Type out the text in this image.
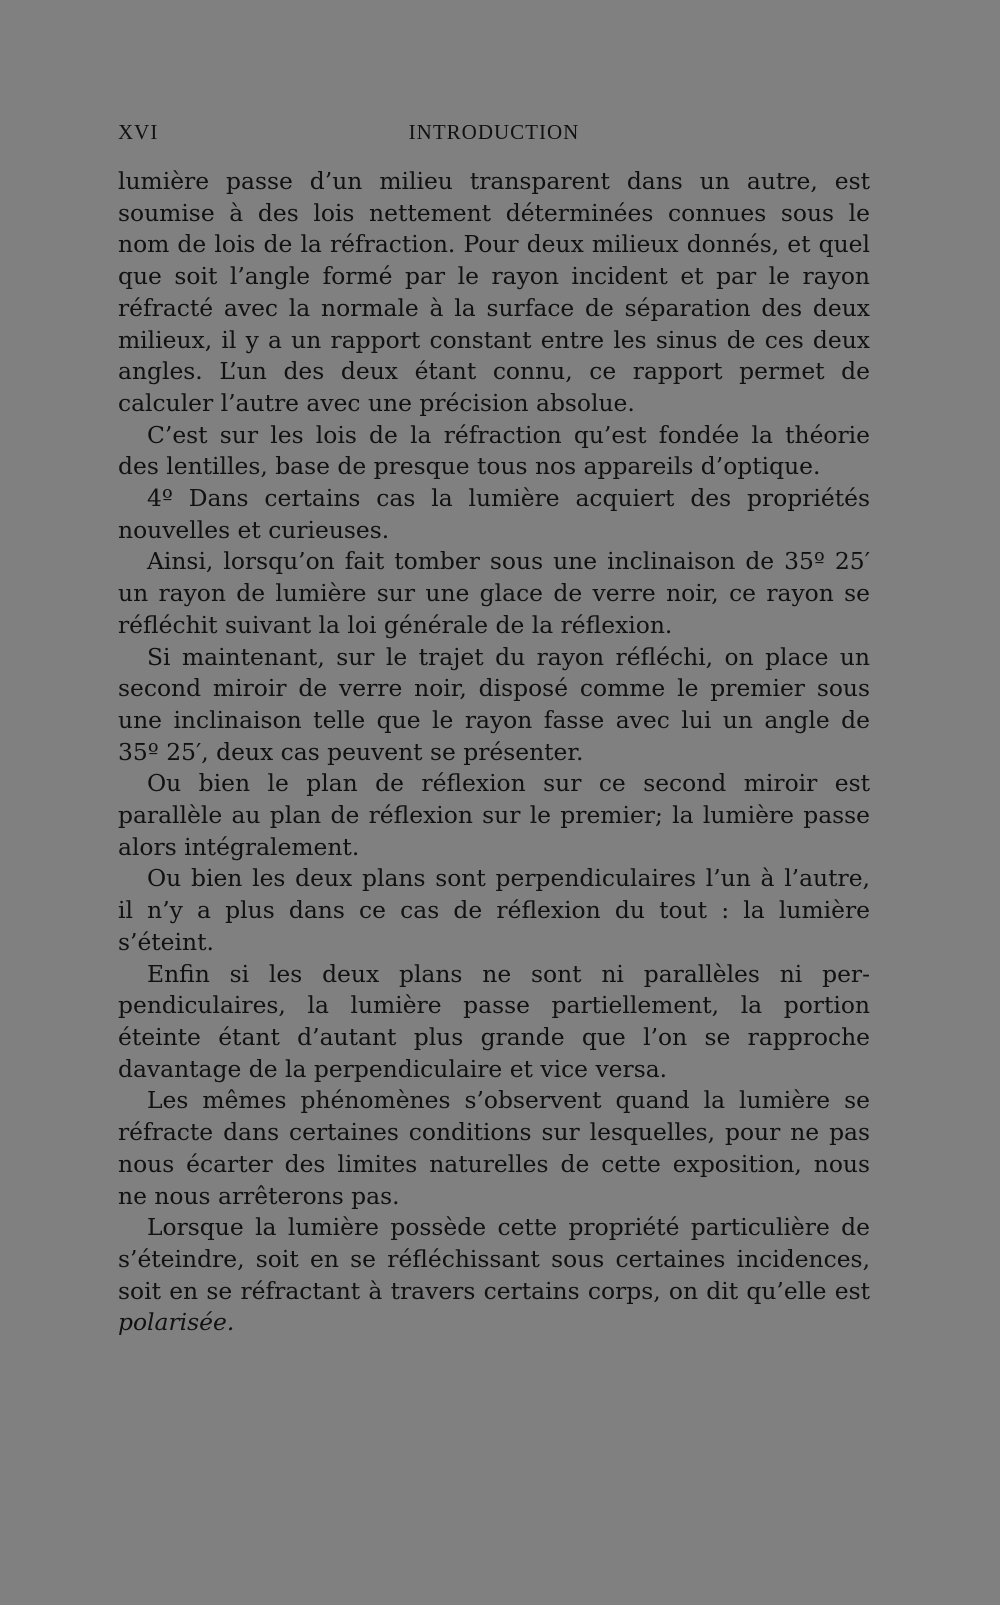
XVI	INTRODUCTION

lumière passe d’un milieu transparent dans un autre, est soumise à des lois nettement déterminées connues sous le nom de lois de la réfraction. Pour deux milieux donnés, et quel que soit l’angle formé par le rayon incident et par le rayon réfracté avec la normale à la surface de séparation des deux milieux, il y a un rapport constant entre les sinus de ces deux angles. L’un des deux étant connu, ce rapport permet de calculer l’autre avec une précision absolue.

C’est sur les lois de la réfraction qu’est fondée la théorie des lentilles, base de presque tous nos appareils d’optique.

4º Dans certains cas la lumière acquiert des propriétés nouvelles et curieuses.

Ainsi, lorsqu’on fait tomber sous une inclinaison de 35º 25′ un rayon de lumière sur une glace de verre noir, ce rayon se réfléchit suivant la loi générale de la réflexion.

Si maintenant, sur le trajet du rayon réfléchi, on place un second miroir de verre noir, disposé comme le premier sous une inclinaison telle que le rayon fasse avec lui un angle de 35º 25′, deux cas peuvent se présenter.

Ou bien le plan de réflexion sur ce second miroir est parallèle au plan de réflexion sur le premier; la lumière passe alors intégralement.

Ou bien les deux plans sont perpendiculaires l’un à l’autre, il n’y a plus dans ce cas de réflexion du tout : la lumière s’éteint.

Enfin si les deux plans ne sont ni parallèles ni perpendiculaires, la lumière passe partiellement, la portion éteinte étant d’autant plus grande que l’on se rapproche davantage de la perpendiculaire et vice versa.

Les mêmes phénomènes s’observent quand la lumière se réfracte dans certaines conditions sur lesquelles, pour ne pas nous écarter des limites naturelles de cette exposition, nous ne nous arrêterons pas.

Lorsque la lumière possède cette propriété particulière de s’éteindre, soit en se réfléchissant sous certaines incidences, soit en se réfractant à travers certains corps, on dit qu’elle est polarisée.
